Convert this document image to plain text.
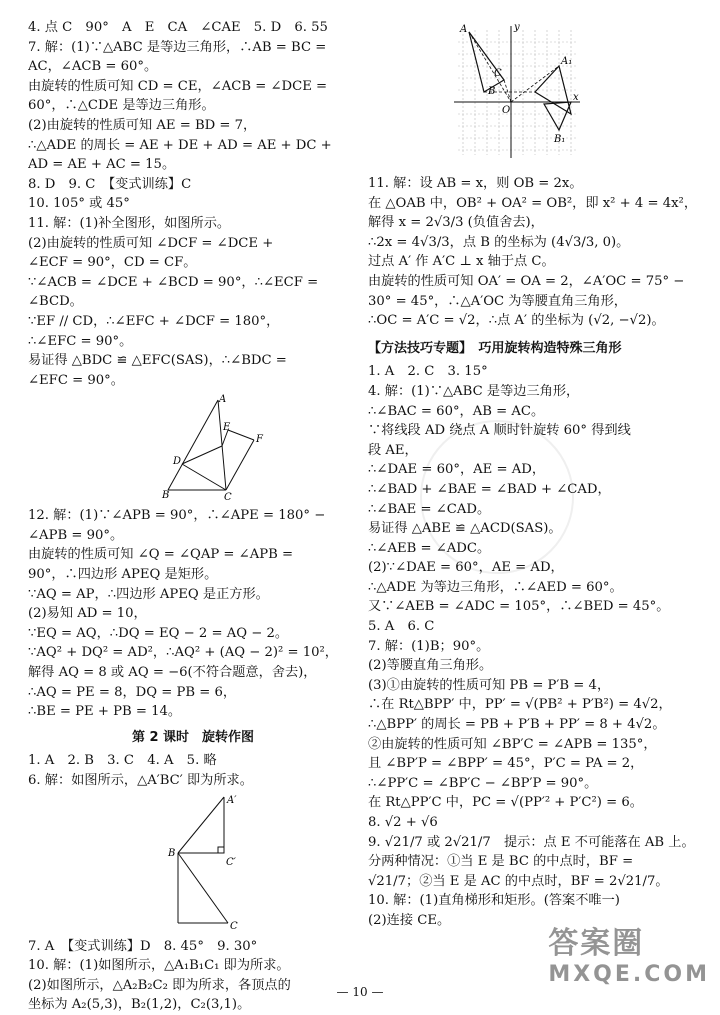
4. 点 C　90°　A　E　CA　∠CAE　5. D　6. 55
7. 解：(1)∵△ABC 是等边三角形，∴AB = BC =
AC，∠ACB = 60°。
由旋转的性质可知 CD = CE，∠ACB = ∠DCE =
60°，∴△CDE 是等边三角形。
(2)由旋转的性质可知 AE = BD = 7，
∴△ADE 的周长 = AE + DE + AD = AE + DC +
AD = AE + AC = 15。
8. D　9. C　【变式训练】C
10. 105° 或 45°
11. 解：(1)补全图形，如图所示。
(2)由旋转的性质可知 ∠DCF = ∠DCE +
∠ECF = 90°，CD = CF。
∵∠ACB = ∠DCE + ∠BCD = 90°，∴∠ECF =
∠BCD。
∵EF // CD，∴∠EFC + ∠DCF = 180°，
∴∠EFC = 90°。
易证得 △BDC ≌ △EFC(SAS)，∴∠BDC =
∠EFC = 90°。
A
B	C
D
E
F
12. 解：(1)∵∠APB = 90°，∴∠APE = 180° −
∠APB = 90°。
由旋转的性质可知 ∠Q = ∠QAP = ∠APB =
90°，∴四边形 APEQ 是矩形。
∵AQ = AP，∴四边形 APEQ 是正方形。
(2)易知 AD = 10，
∵EQ = AQ，∴DQ = EQ − 2 = AQ − 2。
∵AQ² + DQ² = AD²，∴AQ² + (AQ − 2)² = 10²，
解得 AQ = 8 或 AQ = −6(不符合题意，舍去)，
∴AQ = PE = 8，DQ = PB = 6，
∴BE = PE + PB = 14。
第 2 课时　旋转作图
1. A　2. B　3. C　4. A　5. 略
6. 解：如图所示，△A′BC′ 即为所求。
A′
B
C
C′
7. A　【变式训练】D　8. 45°　9. 30°
10. 解：(1)如图所示，△A₁B₁C₁ 即为所求。
(2)如图所示，△A₂B₂C₂ 即为所求，各顶点的
坐标为 A₂(5,3)，B₂(1,2)，C₂(3,1)。
A
B
C
O
y
x
B₁
A₁
11. 解：设 AB = x，则 OB = 2x。
在 △OAB 中，OB² + OA² = OB²，即 x² + 4 = 4x²，
解得 x = 2√3/3 (负值舍去)，
∴2x = 4√3/3，点 B 的坐标为 (4√3/3, 0)。
过点 A′ 作 A′C ⊥ x 轴于点 C。
由旋转的性质可知 OA′ = OA = 2，∠A′OC = 75° −
30° = 45°，∴△A′OC 为等腰直角三角形，
∴OC = A′C = √2，∴点 A′ 的坐标为 (√2, −√2)。
【方法技巧专题】　巧用旋转构造特殊三角形
1. A　2. C　3. 15°
4. 解：(1)∵△ABC 是等边三角形，
∴∠BAC = 60°，AB = AC。
∵将线段 AD 绕点 A 顺时针旋转 60° 得到线
段 AE，
∴∠DAE = 60°，AE = AD，
∴∠BAD + ∠BAE = ∠BAD + ∠CAD，
∴∠BAE = ∠CAD。
易证得 △ABE ≌ △ACD(SAS)。
∴∠AEB = ∠ADC。
(2)∵∠DAE = 60°，AE = AD，
∴△ADE 为等边三角形，∴∠AED = 60°。
又∵∠AEB = ∠ADC = 105°，∴∠BED = 45°。
5. A　6. C
7. 解：(1)B；90°。
(2)等腰直角三角形。
(3)①由旋转的性质可知 PB = P′B = 4，
∴在 Rt△BPP′ 中，PP′ = √(PB² + P′B²) = 4√2，
∴△BPP′ 的周长 = PB + P′B + PP′ = 8 + 4√2。
②由旋转的性质可知 ∠BP′C = ∠APB = 135°，
且 ∠BP′P = ∠BPP′ = 45°，P′C = PA = 2，
∴∠PP′C = ∠BP′C − ∠BP′P = 90°。
在 Rt△PP′C 中，PC = √(PP′² + P′C²) = 6。
8. √2 + √6
9. √21/7 或 2√21/7　提示：点 E 不可能落在 AB 上。
分两种情况：①当 E 是 BC 的中点时，BF =
√21/7；②当 E 是 AC 的中点时，BF = 2√21/7。
10. 解：(1)直角梯形和矩形。(答案不唯一)
(2)连接 CE。
— 10 —
答案圈
MXQE.COM
